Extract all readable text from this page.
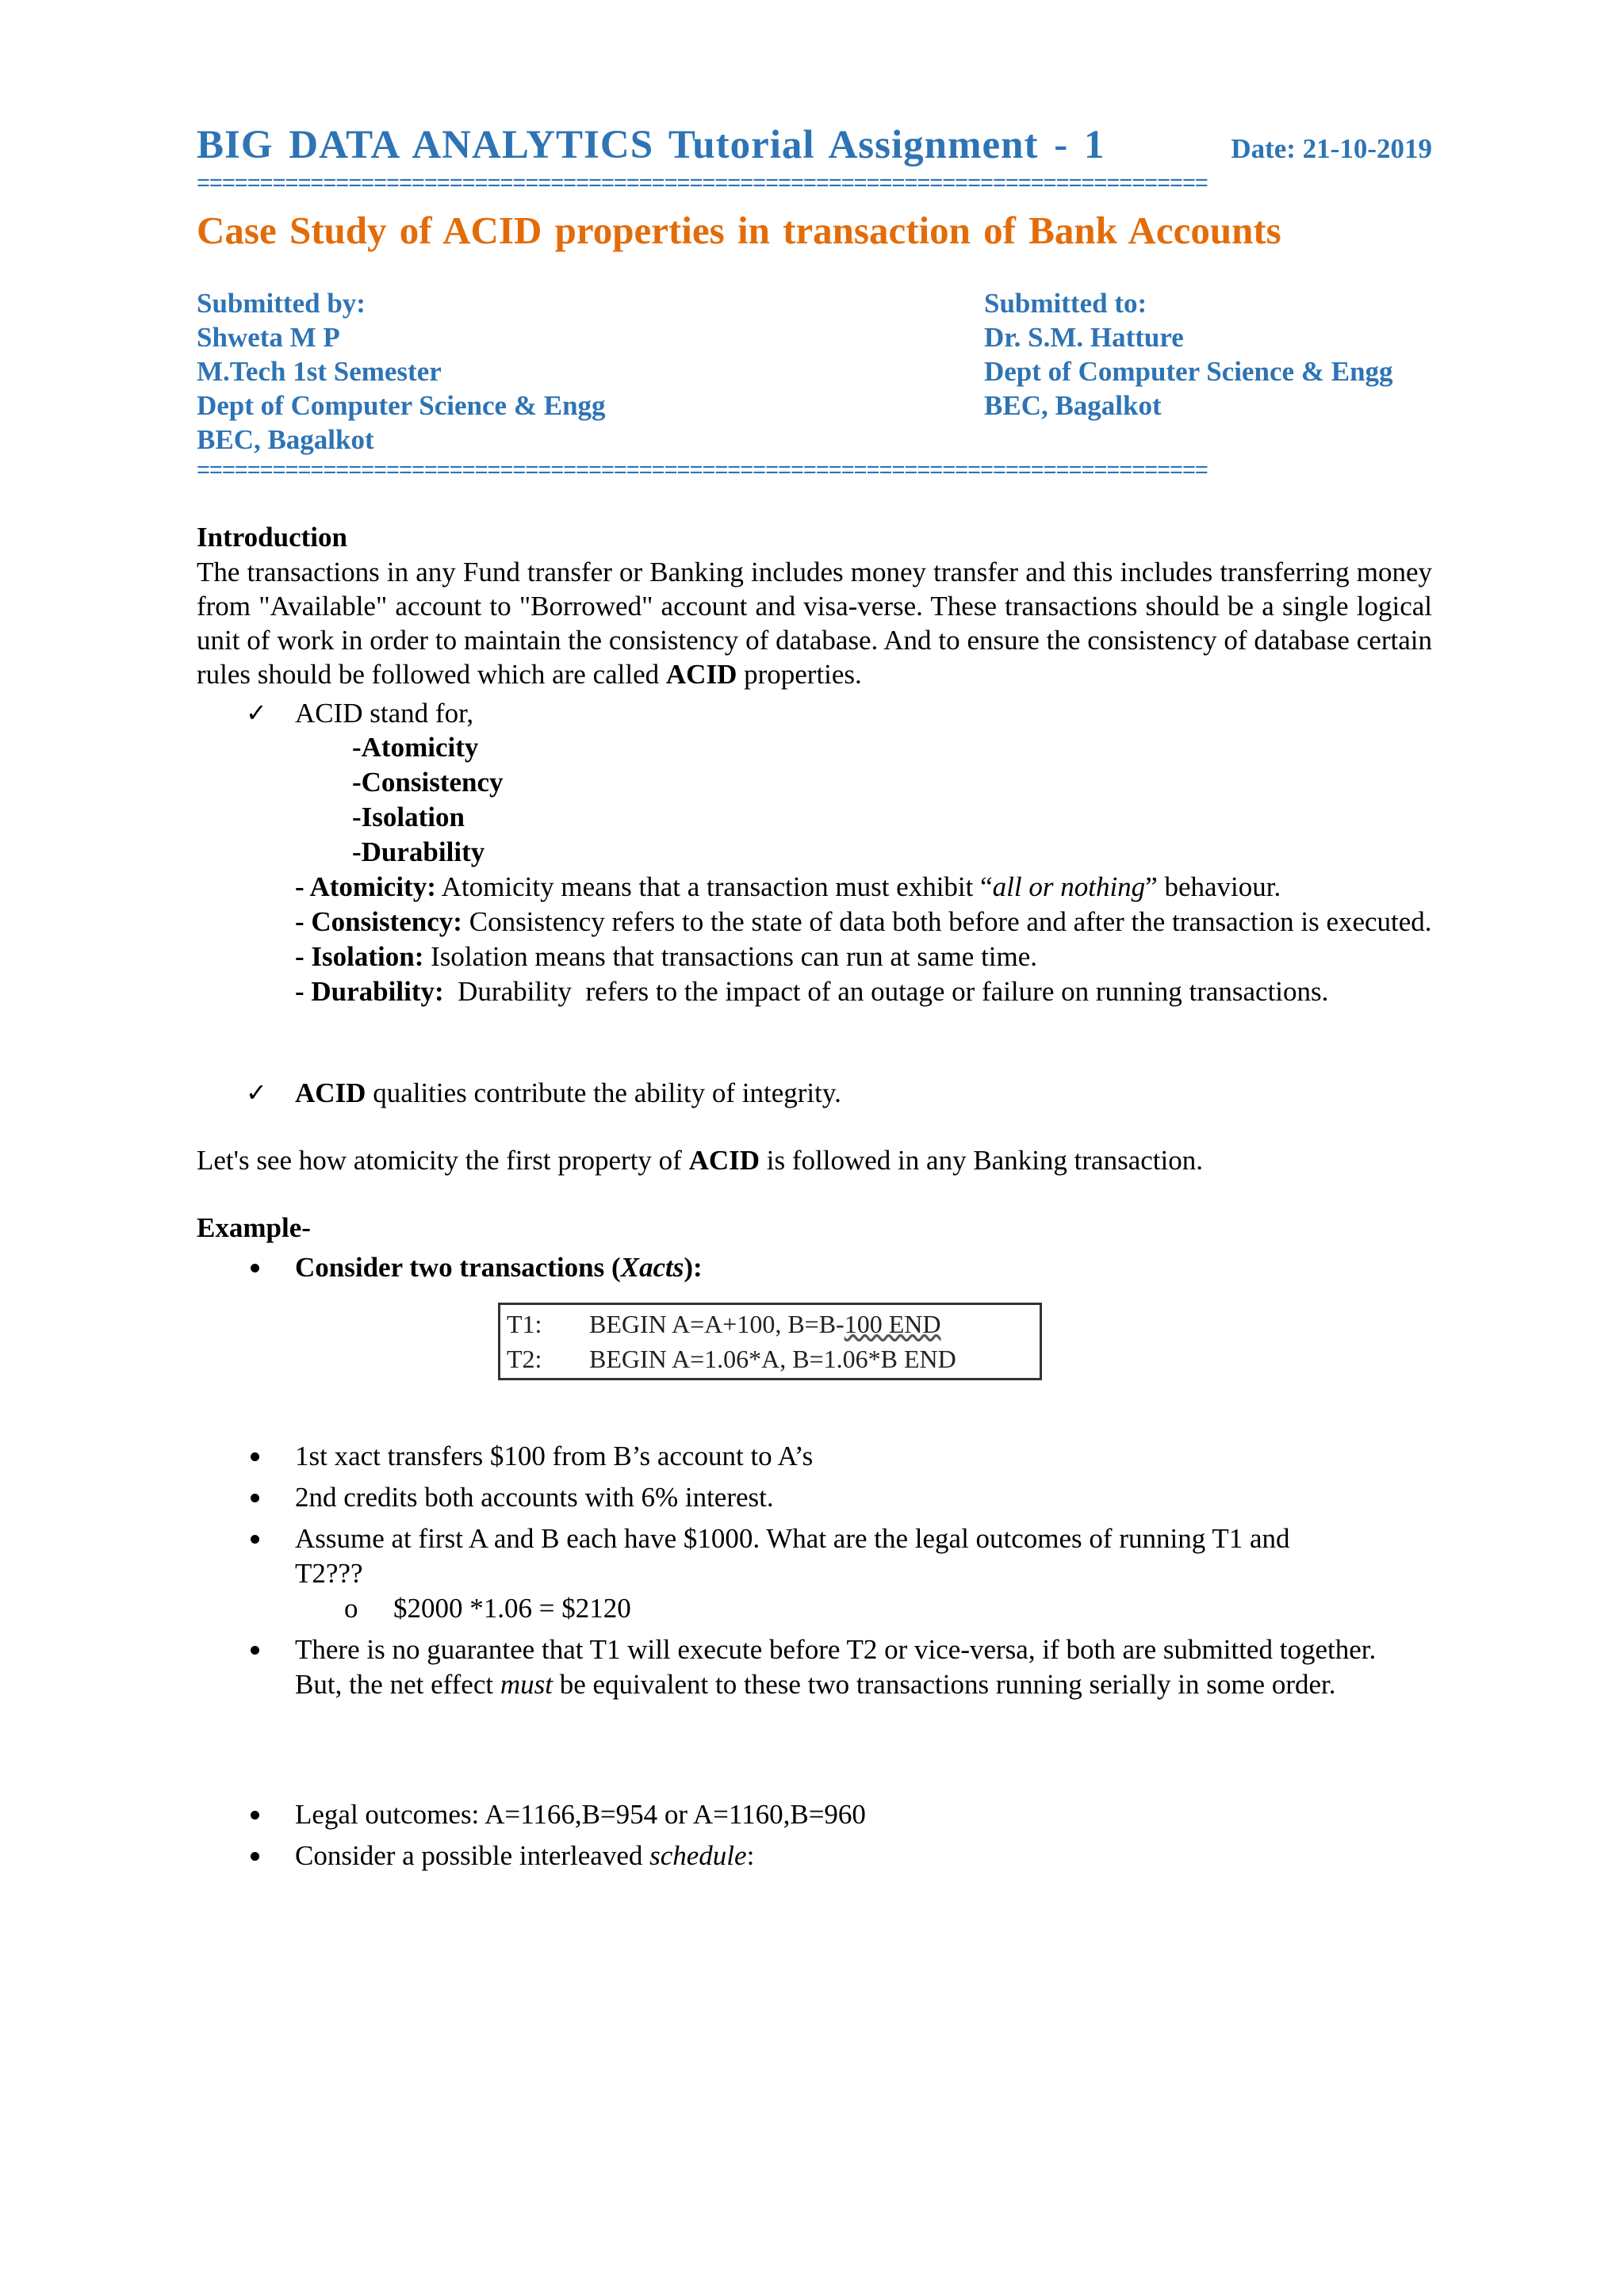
BIG DATA ANALYTICS Tutorial Assignment - 1	Date: 21-10-2019
================================================================================
Case Study of ACID properties in transaction of Bank Accounts
Submitted by:
Shweta M P
M.Tech 1st Semester
Dept of Computer Science & Engg
BEC, Bagalkot
Submitted to:
Dr. S.M. Hatture
Dept of Computer Science & Engg
BEC, Bagalkot
================================================================================
Introduction
The transactions in any Fund transfer or Banking includes money transfer and this includes transferring money from "Available" account to "Borrowed" account and visa-verse. These transactions should be a single logical unit of work in order to maintain the consistency of database. And to ensure the consistency of database certain rules should be followed which are called ACID properties.
✓ ACID stand for,
-Atomicity
-Consistency
-Isolation
-Durability
- Atomicity: Atomicity means that a transaction must exhibit “all or nothing” behaviour.
- Consistency: Consistency refers to the state of data both before and after the transaction is executed.
- Isolation: Isolation means that transactions can run at same time.
- Durability:  Durability  refers to the impact of an outage or failure on running transactions.
✓ ACID qualities contribute the ability of integrity.
Let's see how atomicity the first property of ACID is followed in any Banking transaction.
Example-
Consider two transactions (Xacts):
T1:	BEGIN A=A+100, B=B-100 END
T2:	BEGIN A=1.06*A, B=1.06*B END
1st xact transfers $100 from B’s account to A’s
2nd credits both accounts with 6% interest.
Assume at first A and B each have $1000. What are the legal outcomes of running T1 and T2???
o $2000 *1.06 = $2120
There is no guarantee that T1 will execute before T2 or vice-versa, if both are submitted together. But, the net effect must be equivalent to these two transactions running serially in some order.
Legal outcomes: A=1166,B=954 or A=1160,B=960
Consider a possible interleaved schedule:
